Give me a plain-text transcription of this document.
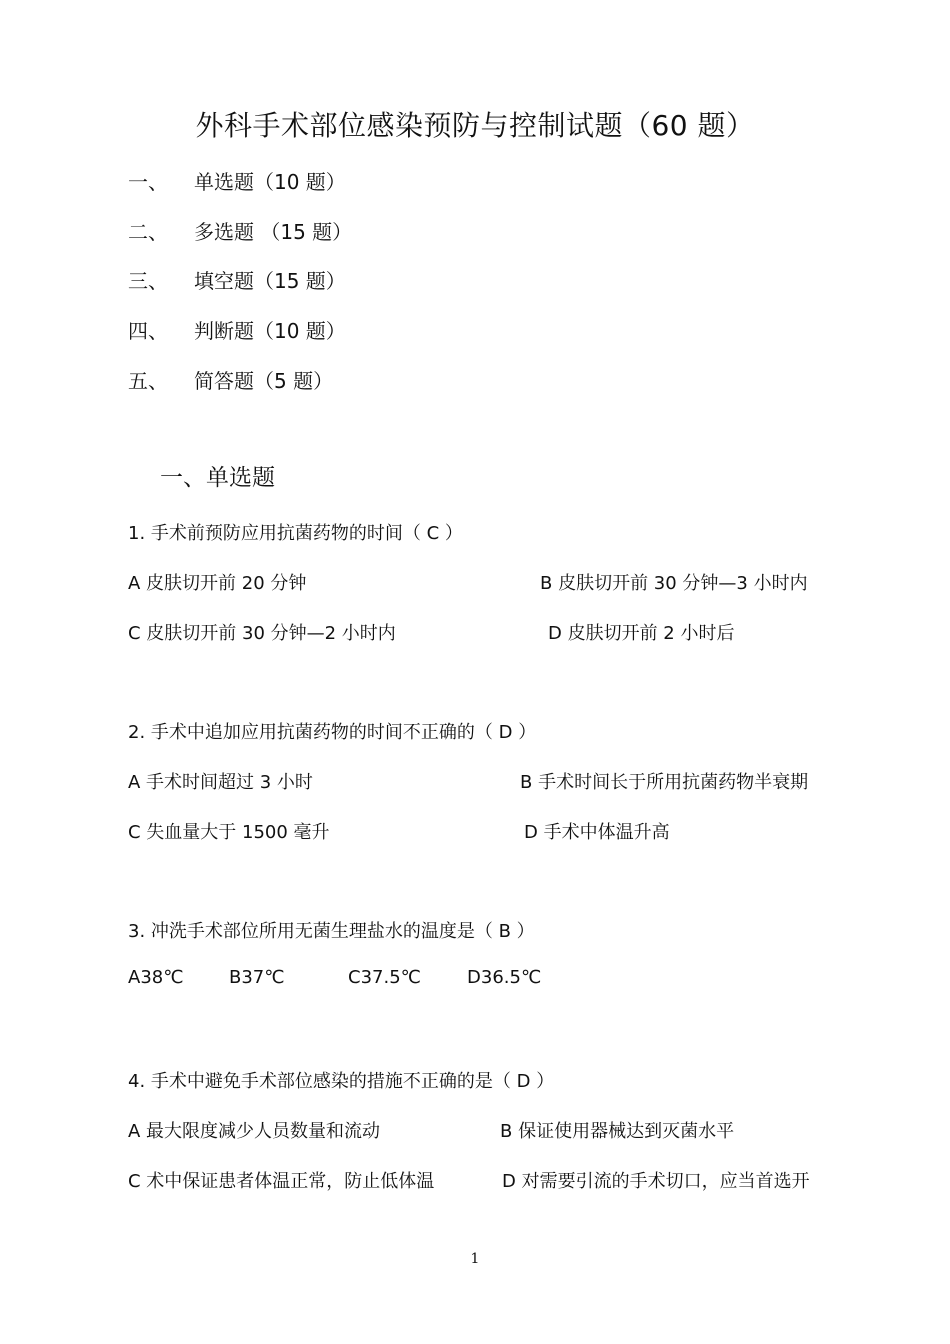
外科手术部位感染预防与控制试题（60 题）
一、 单选题（10 题）
二、 多选题 （15 题）
三、 填空题（15 题）
四、 判断题（10 题）
五、 简答题（5 题）
一、单选题
1. 手术前预防应用抗菌药物的时间（ C ）
A 皮肤切开前 20 分钟	B 皮肤切开前 30 分钟—3 小时内
C 皮肤切开前 30 分钟—2 小时内	D 皮肤切开前 2 小时后
2. 手术中追加应用抗菌药物的时间不正确的（ D ）
A 手术时间超过 3 小时	B 手术时间长于所用抗菌药物半衰期
C 失血量大于 1500 毫升	D 手术中体温升高
3. 冲洗手术部位所用无菌生理盐水的温度是（ B ）
A38℃	B37℃	C37.5℃	D36.5℃
4. 手术中避免手术部位感染的措施不正确的是（ D ）
A 最大限度减少人员数量和流动	B 保证使用器械达到灭菌水平
C 术中保证患者体温正常，防止低体温	D 对需要引流的手术切口，应当首选开
1
